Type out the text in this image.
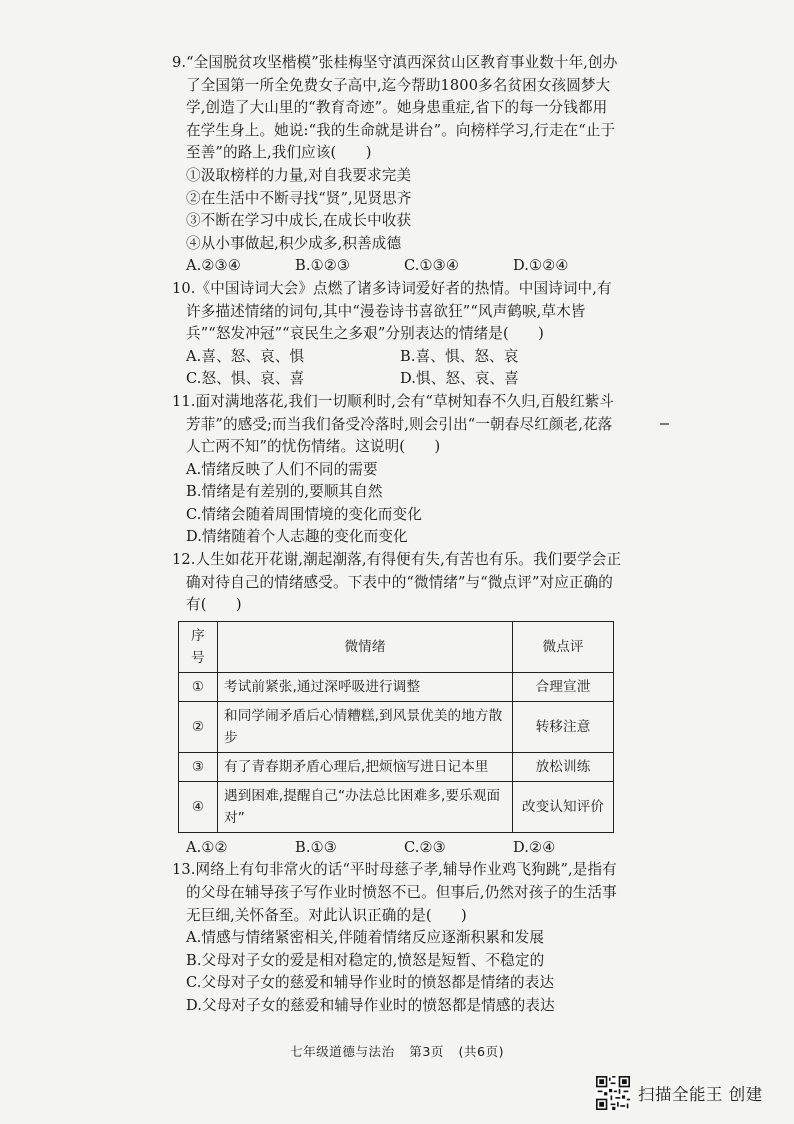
9.“全国脱贫攻坚楷模”张桂梅坚守滇西深贫山区教育事业数十年,创办了全国第一所全免费女子高中,迄今帮助1800多名贫困女孩圆梦大学,创造了大山里的“教育奇迹”。她身患重症,省下的每一分钱都用在学生身上。她说:“我的生命就是讲台”。向榜样学习,行走在“止于至善”的路上,我们应该(　　)
①汲取榜样的力量,对自我要求完美
②在生活中不断寻找“贤”,见贤思齐
③不断在学习中成长,在成长中收获
④从小事做起,积少成多,积善成德
A.②③④	B.①②③	C.①③④	D.①②④
10.《中国诗词大会》点燃了诸多诗词爱好者的热情。中国诗词中,有许多描述情绪的词句,其中“漫卷诗书喜欲狂”“风声鹤唳,草木皆兵”“怒发冲冠”“哀民生之多艰”分别表达的情绪是(　　)
A.喜、怒、哀、惧	B.喜、惧、怒、哀
C.怒、惧、哀、喜	D.惧、怒、哀、喜
11.面对满地落花,我们一切顺利时,会有“草树知春不久归,百般红紫斗芳菲”的感受;而当我们备受冷落时,则会引出“一朝春尽红颜老,花落人亡两不知”的忧伤情绪。这说明(　　)
A.情绪反映了人们不同的需要
B.情绪是有差别的,要顺其自然
C.情绪会随着周围情境的变化而变化
D.情绪随着个人志趣的变化而变化
12.人生如花开花谢,潮起潮落,有得便有失,有苦也有乐。我们要学会正确对待自己的情绪感受。下表中的“微情绪”与“微点评”对应正确的有(　　)
序号	微情绪	微点评
①	考试前紧张,通过深呼吸进行调整	合理宣泄
②	和同学闹矛盾后心情糟糕,到风景优美的地方散步	转移注意
③	有了青春期矛盾心理后,把烦恼写进日记本里	放松训练
④	遇到困难,提醒自己“办法总比困难多,要乐观面对”	改变认知评价
A.①②	B.①③	C.②③	D.②④
13.网络上有句非常火的话“平时母慈子孝,辅导作业鸡飞狗跳”,是指有的父母在辅导孩子写作业时愤怒不已。但事后,仍然对孩子的生活事无巨细,关怀备至。对此认识正确的是(　　)
A.情感与情绪紧密相关,伴随着情绪反应逐渐积累和发展
B.父母对子女的爱是相对稳定的,愤怒是短暂、不稳定的
C.父母对子女的慈爱和辅导作业时的愤怒都是情绪的表达
D.父母对子女的慈爱和辅导作业时的愤怒都是情感的表达
七年级道德与法治 第3页 (共6页)
扫描全能王 创建
